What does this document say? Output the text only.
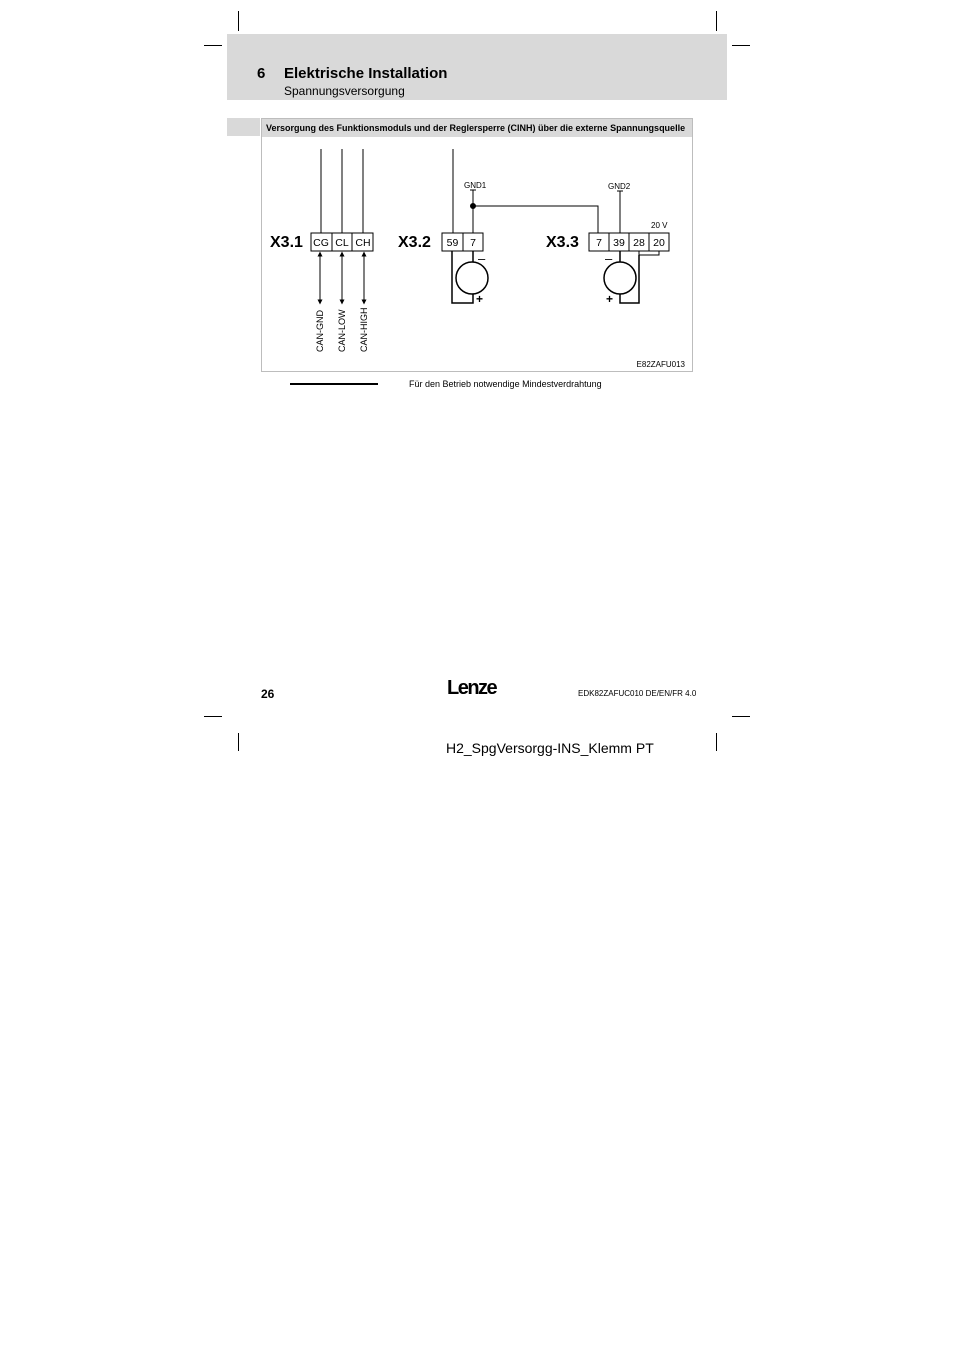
6 Elektrische Installation
Spannungsversorgung
Versorgung des Funktionsmoduls und der Reglersperre (CINH) über die externe Spannungsquelle
X3.1 CG CL CH
CAN-GND CAN-LOW CAN-HIGH
X3.2 59 7
GND1
–
+
X3.3 7 39 28 20
GND2
20 V
–
+
E82ZAFU013
Für den Betrieb notwendige Mindestverdrahtung
26	Lenze	EDK82ZAFUC010 DE/EN/FR 4.0
H2_SpgVersorgg-INS_Klemm PT
